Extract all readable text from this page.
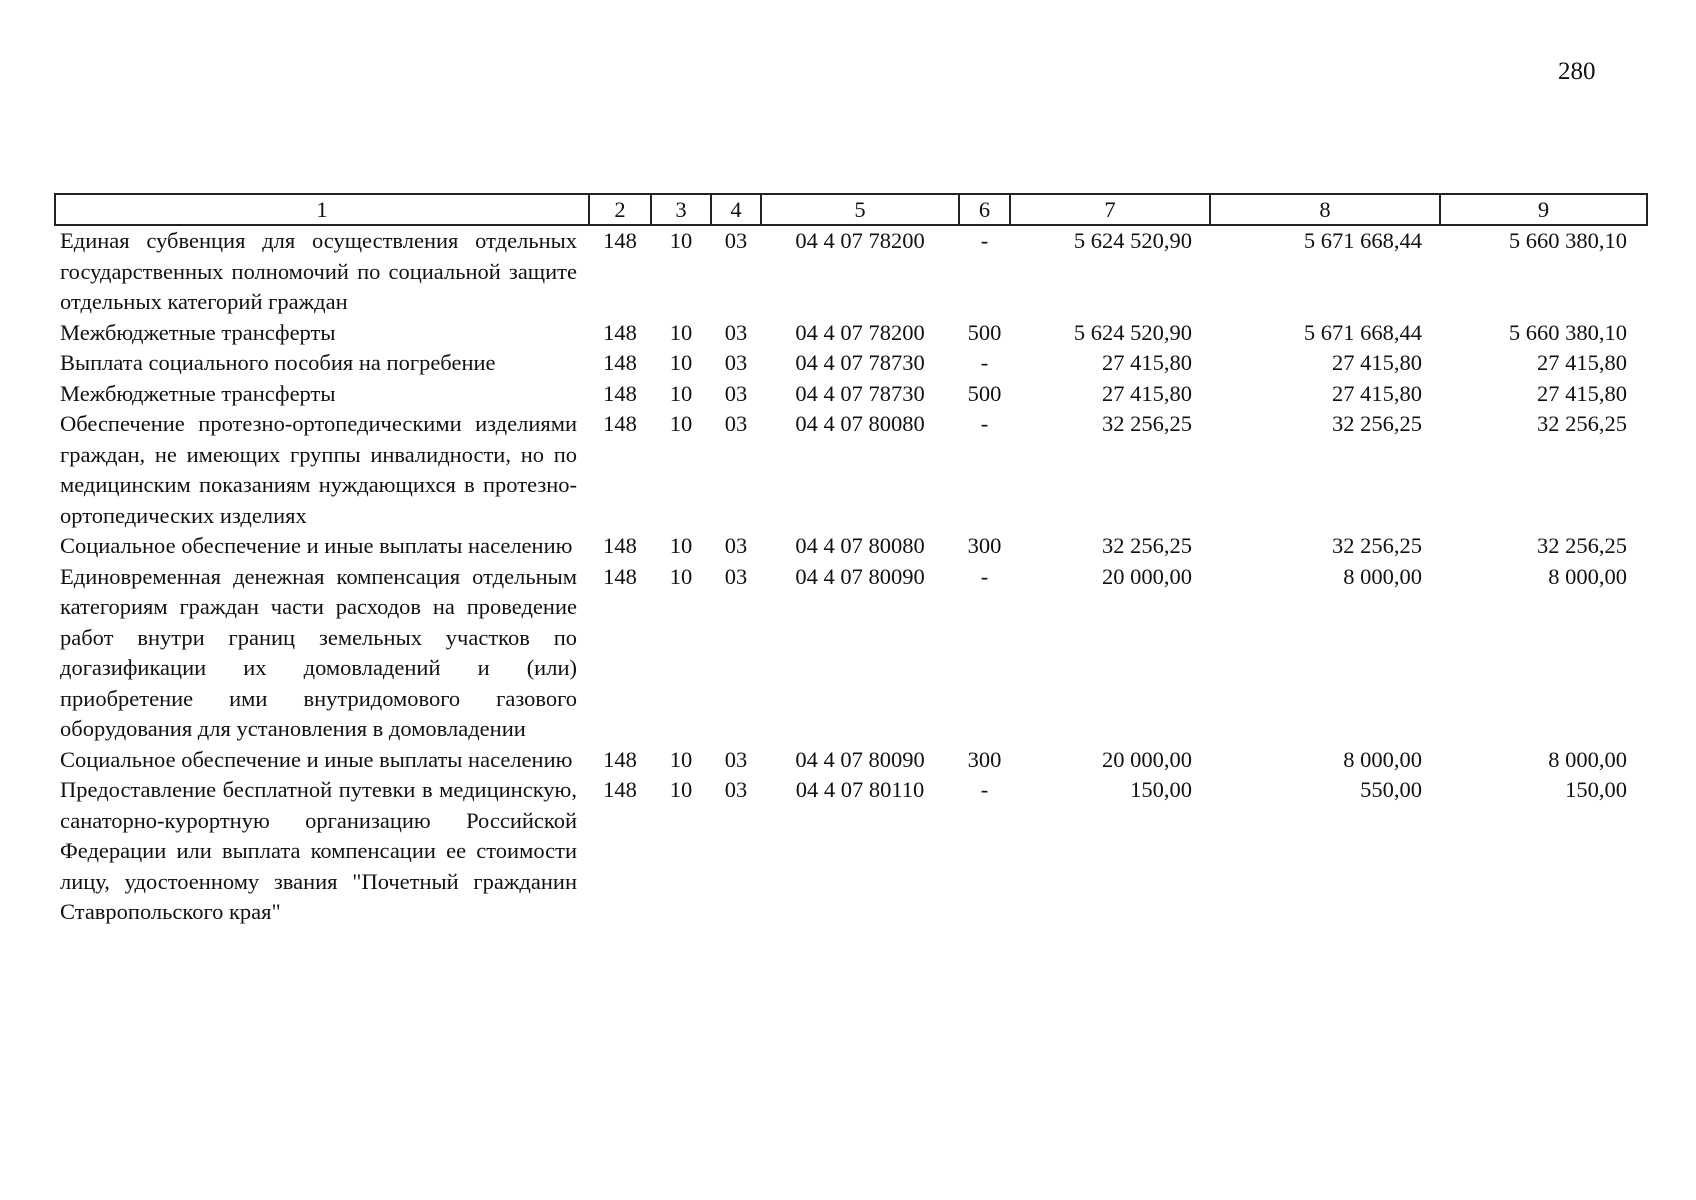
280
1	2	3	4	5	6	7	8	9
Единая субвенция для осуществления отдельных государственных полномочий по социальной защите отдельных категорий граждан	148	10	03	04 4 07 78200	-	5 624 520,90	5 671 668,44	5 660 380,10
Межбюджетные трансферты	148	10	03	04 4 07 78200	500	5 624 520,90	5 671 668,44	5 660 380,10
Выплата социального пособия на погребение	148	10	03	04 4 07 78730	-	27 415,80	27 415,80	27 415,80
Межбюджетные трансферты	148	10	03	04 4 07 78730	500	27 415,80	27 415,80	27 415,80
Обеспечение протезно-ортопедическими изделиями граждан, не имеющих группы инвалидности, но по медицинским показаниям нуждающихся в протезно-ортопедических изделиях	148	10	03	04 4 07 80080	-	32 256,25	32 256,25	32 256,25
Социальное обеспечение и иные выплаты населению	148	10	03	04 4 07 80080	300	32 256,25	32 256,25	32 256,25
Единовременная денежная компенсация отдельным категориям граждан части расходов на проведение работ внутри границ земельных участков по догазификации их домовладений и (или) приобретение ими внутридомового газового оборудования для установления в домовладении	148	10	03	04 4 07 80090	-	20 000,00	8 000,00	8 000,00
Социальное обеспечение и иные выплаты населению	148	10	03	04 4 07 80090	300	20 000,00	8 000,00	8 000,00
Предоставление бесплатной путевки в медицинскую, санаторно-курортную организацию Российской Федерации или выплата компенсации ее стоимости лицу, удостоенному звания "Почетный гражданин Ставропольского края"	148	10	03	04 4 07 80110	-	150,00	550,00	150,00
